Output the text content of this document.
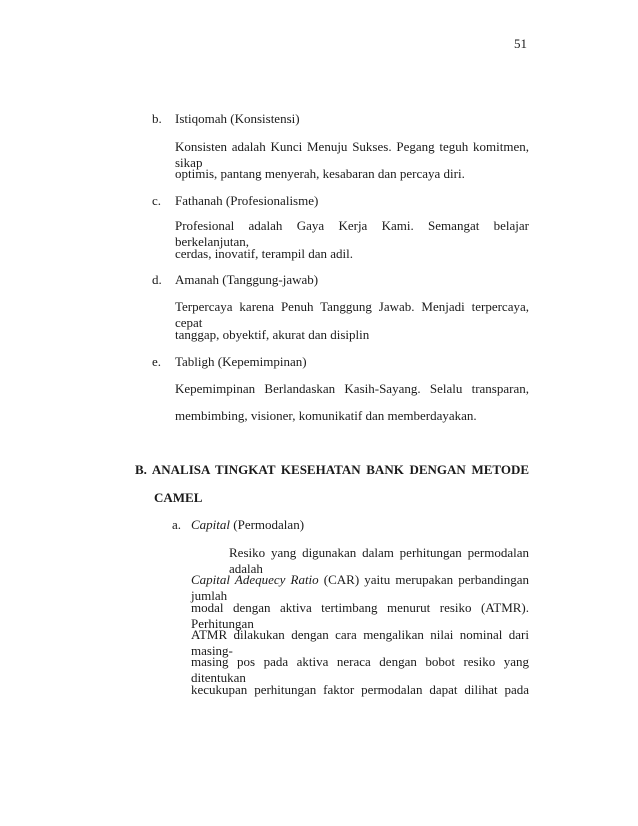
51
b.	Istiqomah (Konsistensi)
Konsisten adalah Kunci Menuju Sukses. Pegang teguh komitmen, sikap
optimis, pantang menyerah, kesabaran dan percaya diri.
c.	Fathanah (Profesionalisme)
Profesional adalah Gaya Kerja Kami. Semangat belajar berkelanjutan,
cerdas, inovatif, terampil dan adil.
d.	Amanah (Tanggung-jawab)
Terpercaya karena Penuh Tanggung Jawab. Menjadi terpercaya, cepat
tanggap, obyektif, akurat dan disiplin
e.	Tabligh (Kepemimpinan)
Kepemimpinan Berlandaskan Kasih-Sayang. Selalu transparan,
membimbing, visioner, komunikatif dan memberdayakan.
B. ANALISA TINGKAT KESEHATAN BANK DENGAN METODE
CAMEL
a. Capital (Permodalan)
Resiko yang digunakan dalam perhitungan permodalan adalah
Capital Adequecy Ratio (CAR) yaitu merupakan perbandingan jumlah
modal dengan aktiva tertimbang menurut resiko (ATMR). Perhitungan
ATMR dilakukan dengan cara mengalikan nilai nominal dari masing-
masing pos pada aktiva neraca dengan bobot resiko yang ditentukan
kecukupan perhitungan faktor permodalan dapat dilihat pada
